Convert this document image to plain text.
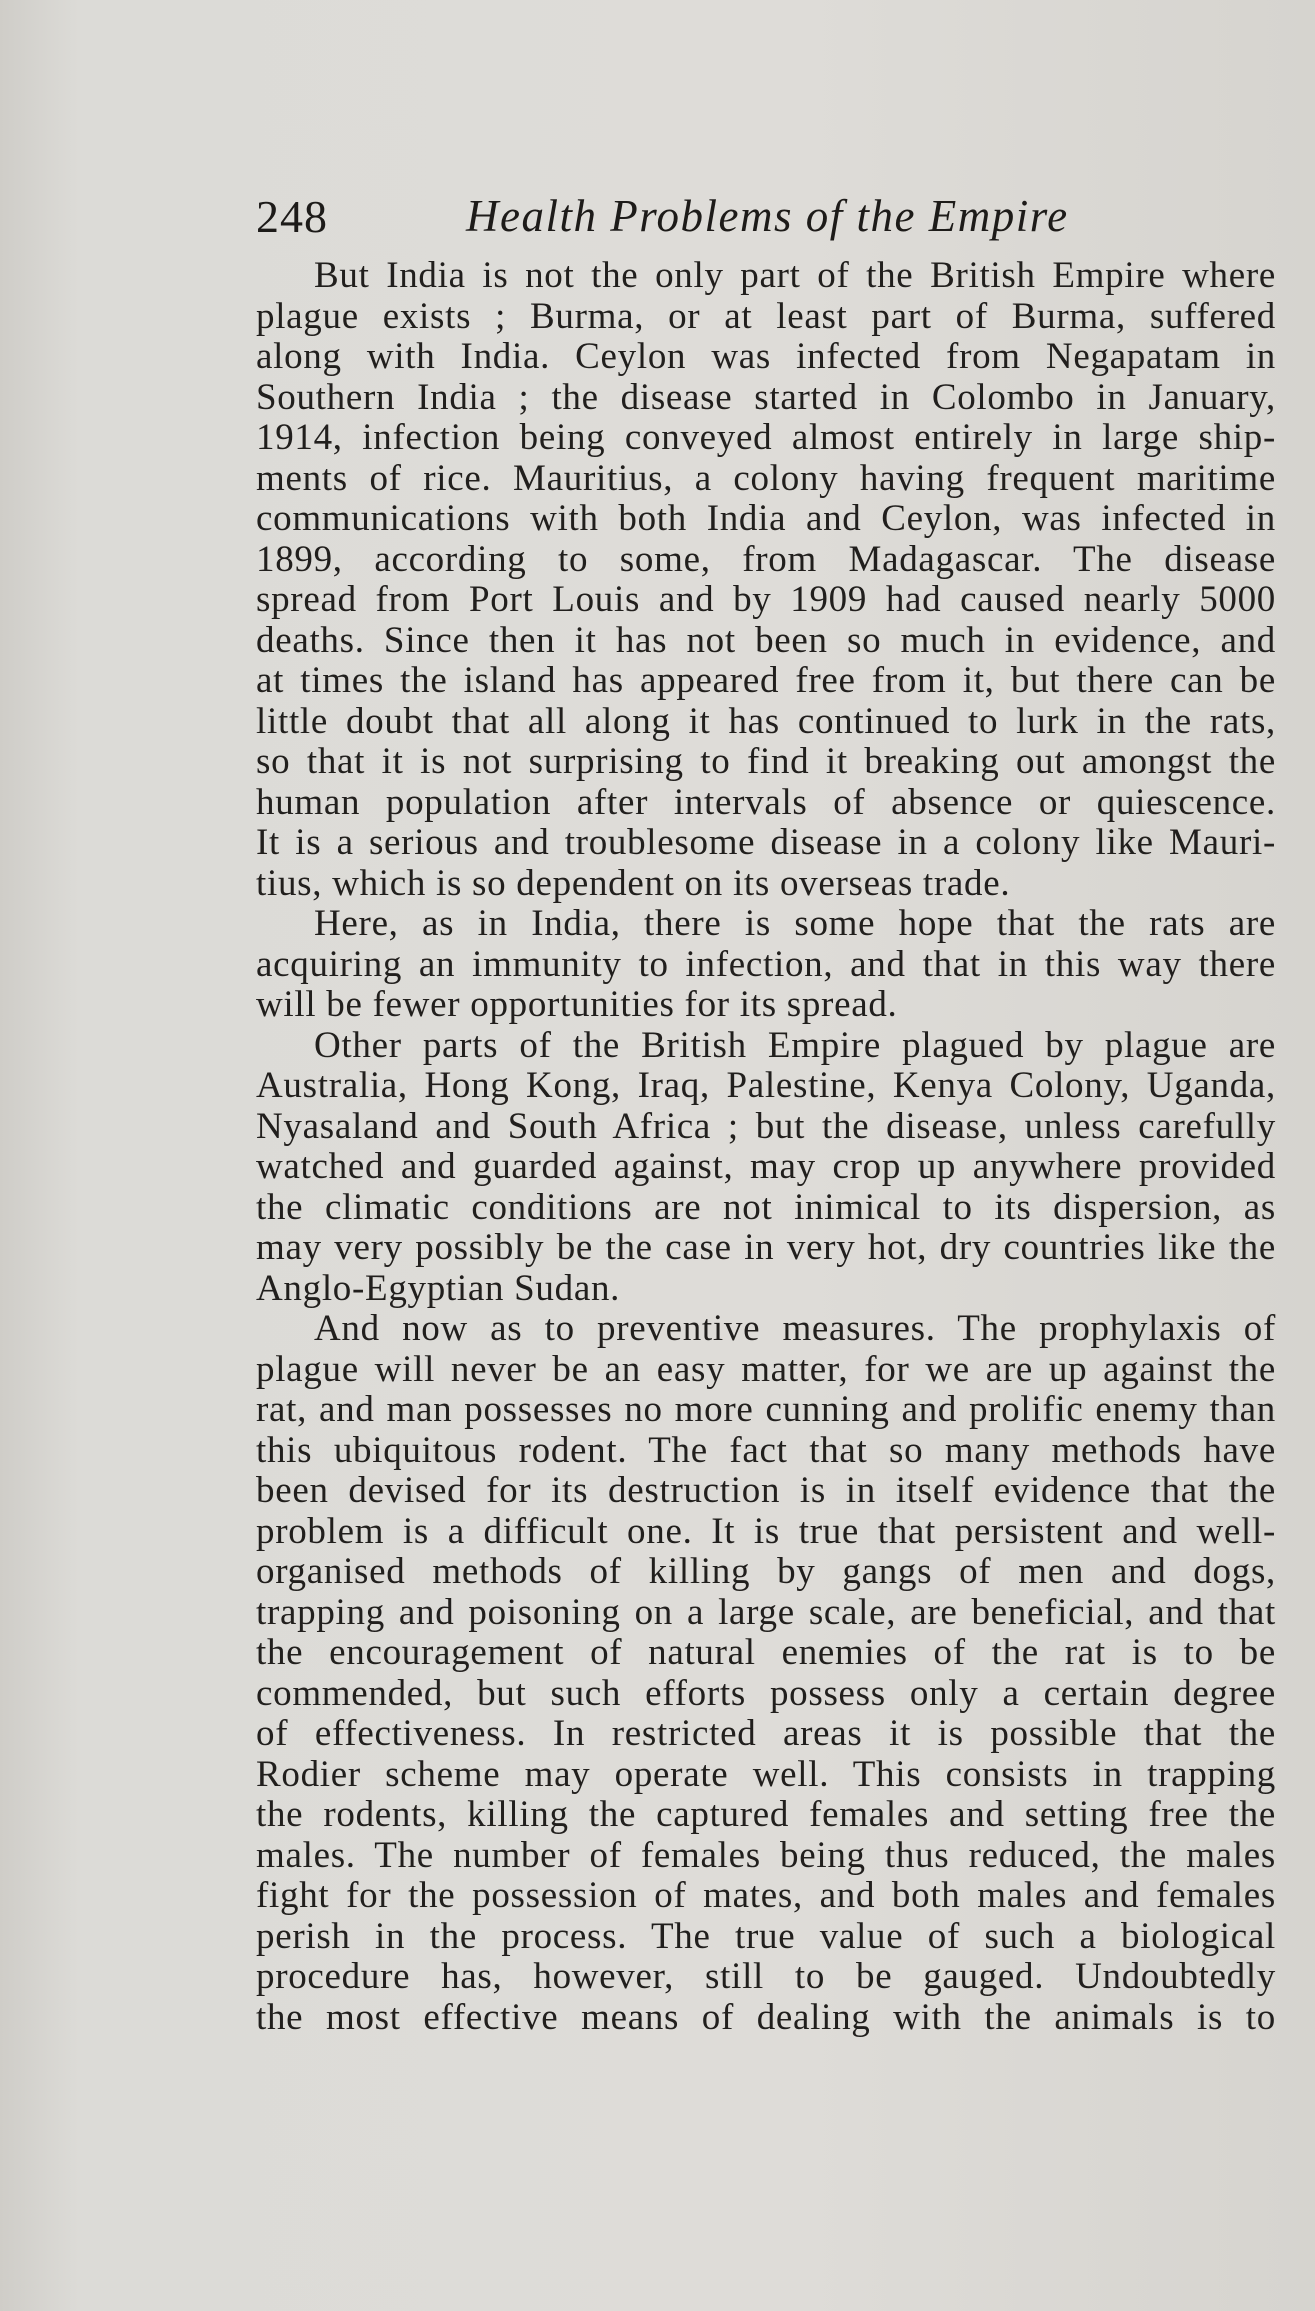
248	Health Problems of the Empire
But India is not the only part of the British Empire where
plague exists ; Burma, or at least part of Burma, suffered
along with India. Ceylon was infected from Negapatam in
Southern India ; the disease started in Colombo in January,
1914, infection being conveyed almost entirely in large ship-
ments of rice. Mauritius, a colony having frequent maritime
communications with both India and Ceylon, was infected in
1899, according to some, from Madagascar. The disease
spread from Port Louis and by 1909 had caused nearly 5000
deaths. Since then it has not been so much in evidence, and
at times the island has appeared free from it, but there can be
little doubt that all along it has continued to lurk in the rats,
so that it is not surprising to find it breaking out amongst the
human population after intervals of absence or quiescence.
It is a serious and troublesome disease in a colony like Mauri-
tius, which is so dependent on its overseas trade.
Here, as in India, there is some hope that the rats are
acquiring an immunity to infection, and that in this way there
will be fewer opportunities for its spread.
Other parts of the British Empire plagued by plague are
Australia, Hong Kong, Iraq, Palestine, Kenya Colony, Uganda,
Nyasaland and South Africa ; but the disease, unless carefully
watched and guarded against, may crop up anywhere provided
the climatic conditions are not inimical to its dispersion, as
may very possibly be the case in very hot, dry countries like the
Anglo-Egyptian Sudan.
And now as to preventive measures. The prophylaxis of
plague will never be an easy matter, for we are up against the
rat, and man possesses no more cunning and prolific enemy than
this ubiquitous rodent. The fact that so many methods have
been devised for its destruction is in itself evidence that the
problem is a difficult one. It is true that persistent and well-
organised methods of killing by gangs of men and dogs,
trapping and poisoning on a large scale, are beneficial, and that
the encouragement of natural enemies of the rat is to be
commended, but such efforts possess only a certain degree
of effectiveness. In restricted areas it is possible that the
Rodier scheme may operate well. This consists in trapping
the rodents, killing the captured females and setting free the
males. The number of females being thus reduced, the males
fight for the possession of mates, and both males and females
perish in the process. The true value of such a biological
procedure has, however, still to be gauged. Undoubtedly
the most effective means of dealing with the animals is to
